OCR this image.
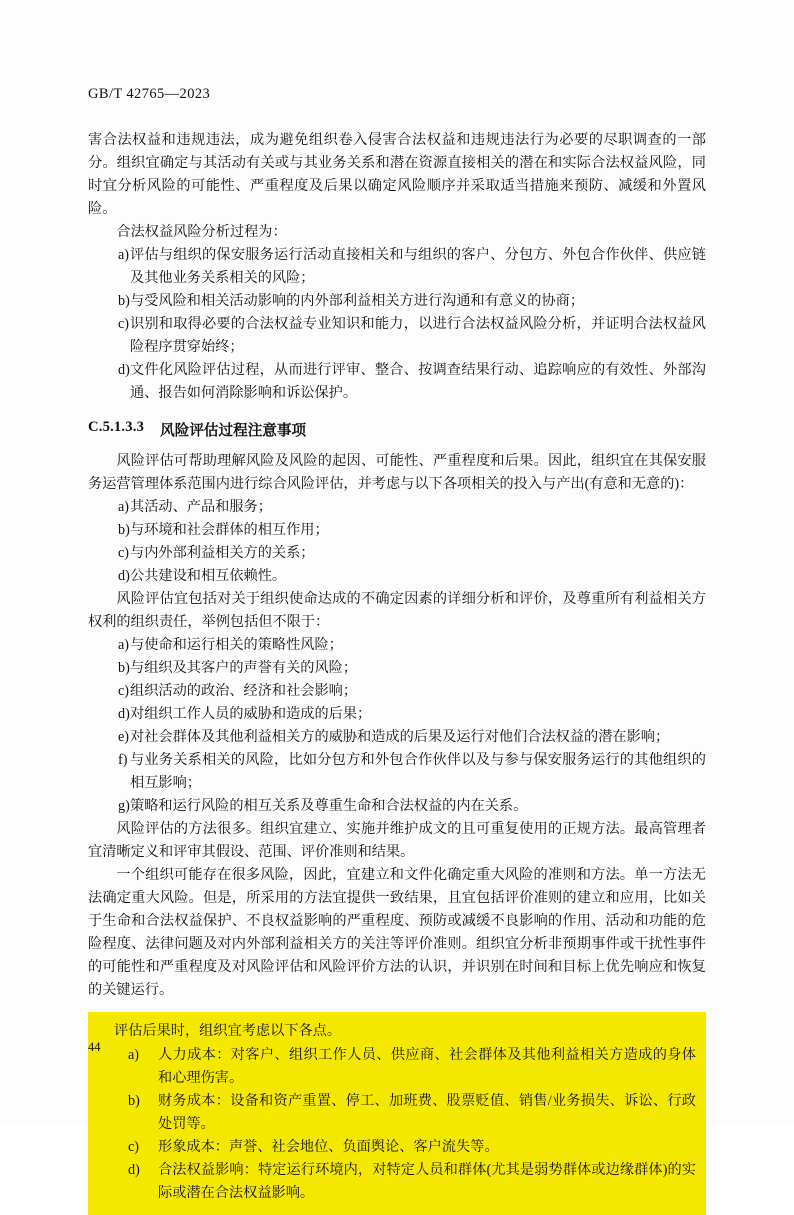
GB/T 42765—2023

害合法权益和违规违法，成为避免组织卷入侵害合法权益和违规违法行为必要的尽职调查的一部分。组织宜确定与其活动有关或与其业务关系和潜在资源直接相关的潜在和实际合法权益风险，同时宜分析风险的可能性、严重程度及后果以确定风险顺序并采取适当措施来预防、减缓和外置风险。

合法权益风险分析过程为：

a) 评估与组织的保安服务运行活动直接相关和与组织的客户、分包方、外包合作伙伴、供应链及其他业务关系相关的风险；
b) 与受风险和相关活动影响的内外部利益相关方进行沟通和有意义的协商；
c) 识别和取得必要的合法权益专业知识和能力，以进行合法权益风险分析，并证明合法权益风险程序贯穿始终；
d) 文件化风险评估过程，从而进行评审、整合、按调查结果行动、追踪响应的有效性、外部沟通、报告如何消除影响和诉讼保护。
C.5.1.3.3 风险评估过程注意事项

风险评估可帮助理解风险及风险的起因、可能性、严重程度和后果。因此，组织宜在其保安服务运营管理体系范围内进行综合风险评估，并考虑与以下各项相关的投入与产出(有意和无意的)：

a) 其活动、产品和服务；
b) 与环境和社会群体的相互作用；
c) 与内外部利益相关方的关系；
d) 公共建设和相互依赖性。

风险评估宜包括对关于组织使命达成的不确定因素的详细分析和评价，及尊重所有利益相关方权利的组织责任，举例包括但不限于：

a) 与使命和运行相关的策略性风险；
b) 与组织及其客户的声誉有关的风险；
c) 组织活动的政治、经济和社会影响；
d) 对组织工作人员的威胁和造成的后果；
e) 对社会群体及其他利益相关方的威胁和造成的后果及运行对他们合法权益的潜在影响；
f) 与业务关系相关的风险，比如分包方和外包合作伙伴以及与参与保安服务运行的其他组织的相互影响；
g) 策略和运行风险的相互关系及尊重生命和合法权益的内在关系。

风险评估的方法很多。组织宜建立、实施并维护成文的且可重复使用的正规方法。最高管理者宜清晰定义和评审其假设、范围、评价准则和结果。

一个组织可能存在很多风险，因此，宜建立和文件化确定重大风险的准则和方法。单一方法无法确定重大风险。但是，所采用的方法宜提供一致结果，且宜包括评价准则的建立和应用，比如关于生命和合法权益保护、不良权益影响的严重程度、预防或减缓不良影响的作用、活动和功能的危险程度、法律问题及对内外部利益相关方的关注等评价准则。组织宜分析非预期事件或干扰性事件的可能性和严重程度及对风险评估和风险评价方法的认识，并识别在时间和目标上优先响应和恢复的关键运行。

评估后果时，组织宜考虑以下各点。

a)	人力成本：对客户、组织工作人员、供应商、社会群体及其他利益相关方造成的身体和心理伤害。
b)	财务成本：设备和资产重置、停工、加班费、股票贬值、销售/业务损失、诉讼、行政处罚等。
c)	形象成本：声誉、社会地位、负面舆论、客户流失等。
d)	合法权益影响：特定运行环境内，对特定人员和群体(尤其是弱势群体或边缘群体)的实际或潜在合法权益影响。
44
